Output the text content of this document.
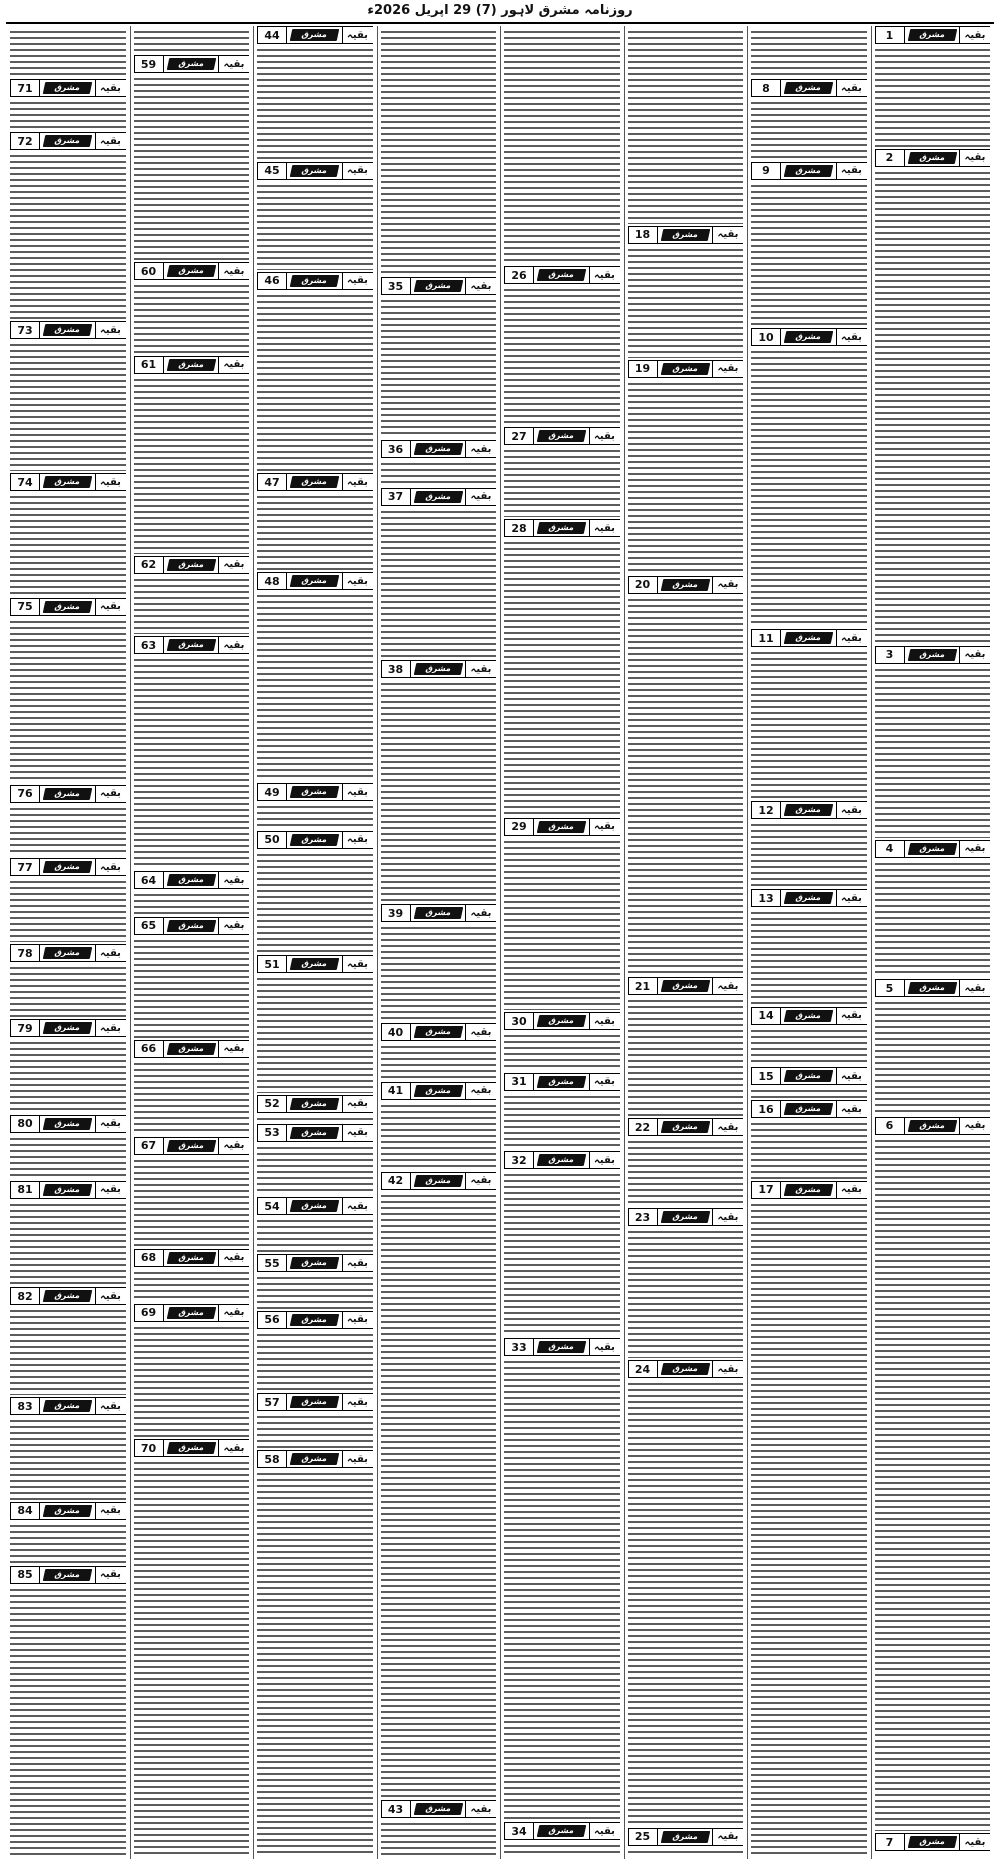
روزنامہ مشرق لاہور (7) 29 اپریل 2026ء
بقیہ
مشرق
1
بقیہ
مشرق
2
بقیہ
مشرق
3
بقیہ
مشرق
4
بقیہ
مشرق
5
بقیہ
مشرق
6
بقیہ
مشرق
7
بقیہ
مشرق
8
بقیہ
مشرق
9
بقیہ
مشرق
10
بقیہ
مشرق
11
بقیہ
مشرق
12
بقیہ
مشرق
13
بقیہ
مشرق
14
بقیہ
مشرق
15
بقیہ
مشرق
16
بقیہ
مشرق
17
بقیہ
مشرق
18
بقیہ
مشرق
19
بقیہ
مشرق
20
بقیہ
مشرق
21
بقیہ
مشرق
22
بقیہ
مشرق
23
بقیہ
مشرق
24
بقیہ
مشرق
25
بقیہ
مشرق
26
بقیہ
مشرق
27
بقیہ
مشرق
28
بقیہ
مشرق
29
بقیہ
مشرق
30
بقیہ
مشرق
31
بقیہ
مشرق
32
بقیہ
مشرق
33
بقیہ
مشرق
34
بقیہ
مشرق
35
بقیہ
مشرق
36
بقیہ
مشرق
37
بقیہ
مشرق
38
بقیہ
مشرق
39
بقیہ
مشرق
40
بقیہ
مشرق
41
بقیہ
مشرق
42
بقیہ
مشرق
43
بقیہ
مشرق
44
بقیہ
مشرق
45
بقیہ
مشرق
46
بقیہ
مشرق
47
بقیہ
مشرق
48
بقیہ
مشرق
49
بقیہ
مشرق
50
بقیہ
مشرق
51
بقیہ
مشرق
52
بقیہ
مشرق
53
بقیہ
مشرق
54
بقیہ
مشرق
55
بقیہ
مشرق
56
بقیہ
مشرق
57
بقیہ
مشرق
58
بقیہ
مشرق
59
بقیہ
مشرق
60
بقیہ
مشرق
61
بقیہ
مشرق
62
بقیہ
مشرق
63
بقیہ
مشرق
64
بقیہ
مشرق
65
بقیہ
مشرق
66
بقیہ
مشرق
67
بقیہ
مشرق
68
بقیہ
مشرق
69
بقیہ
مشرق
70
بقیہ
مشرق
71
بقیہ
مشرق
72
بقیہ
مشرق
73
بقیہ
مشرق
74
بقیہ
مشرق
75
بقیہ
مشرق
76
بقیہ
مشرق
77
بقیہ
مشرق
78
بقیہ
مشرق
79
بقیہ
مشرق
80
بقیہ
مشرق
81
بقیہ
مشرق
82
بقیہ
مشرق
83
بقیہ
مشرق
84
بقیہ
مشرق
85
